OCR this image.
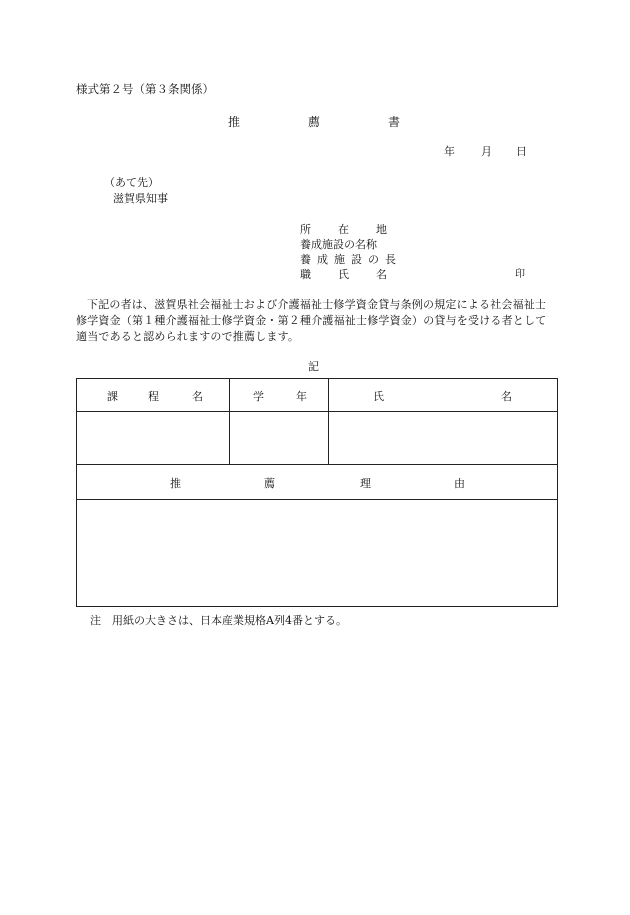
様式第２号（第３条関係）
推	薦	書
年 月 日
（あて先）
滋賀県知事
所 在 地
養成施設の名称
養 成 施 設 の 長
職 氏 名	印
下記の者は、滋賀県社会福祉士および介護福祉士修学資金貸与条例の規定による社会福祉士修学資金（第１種介護福祉士修学資金・第２種介護福祉士修学資金）の貸与を受ける者として適当であると認められますので推薦します。
記
課 程 名	学 年	氏 名

推 薦 理 由		

注　用紙の大きさは、日本産業規格A列4番とする。
